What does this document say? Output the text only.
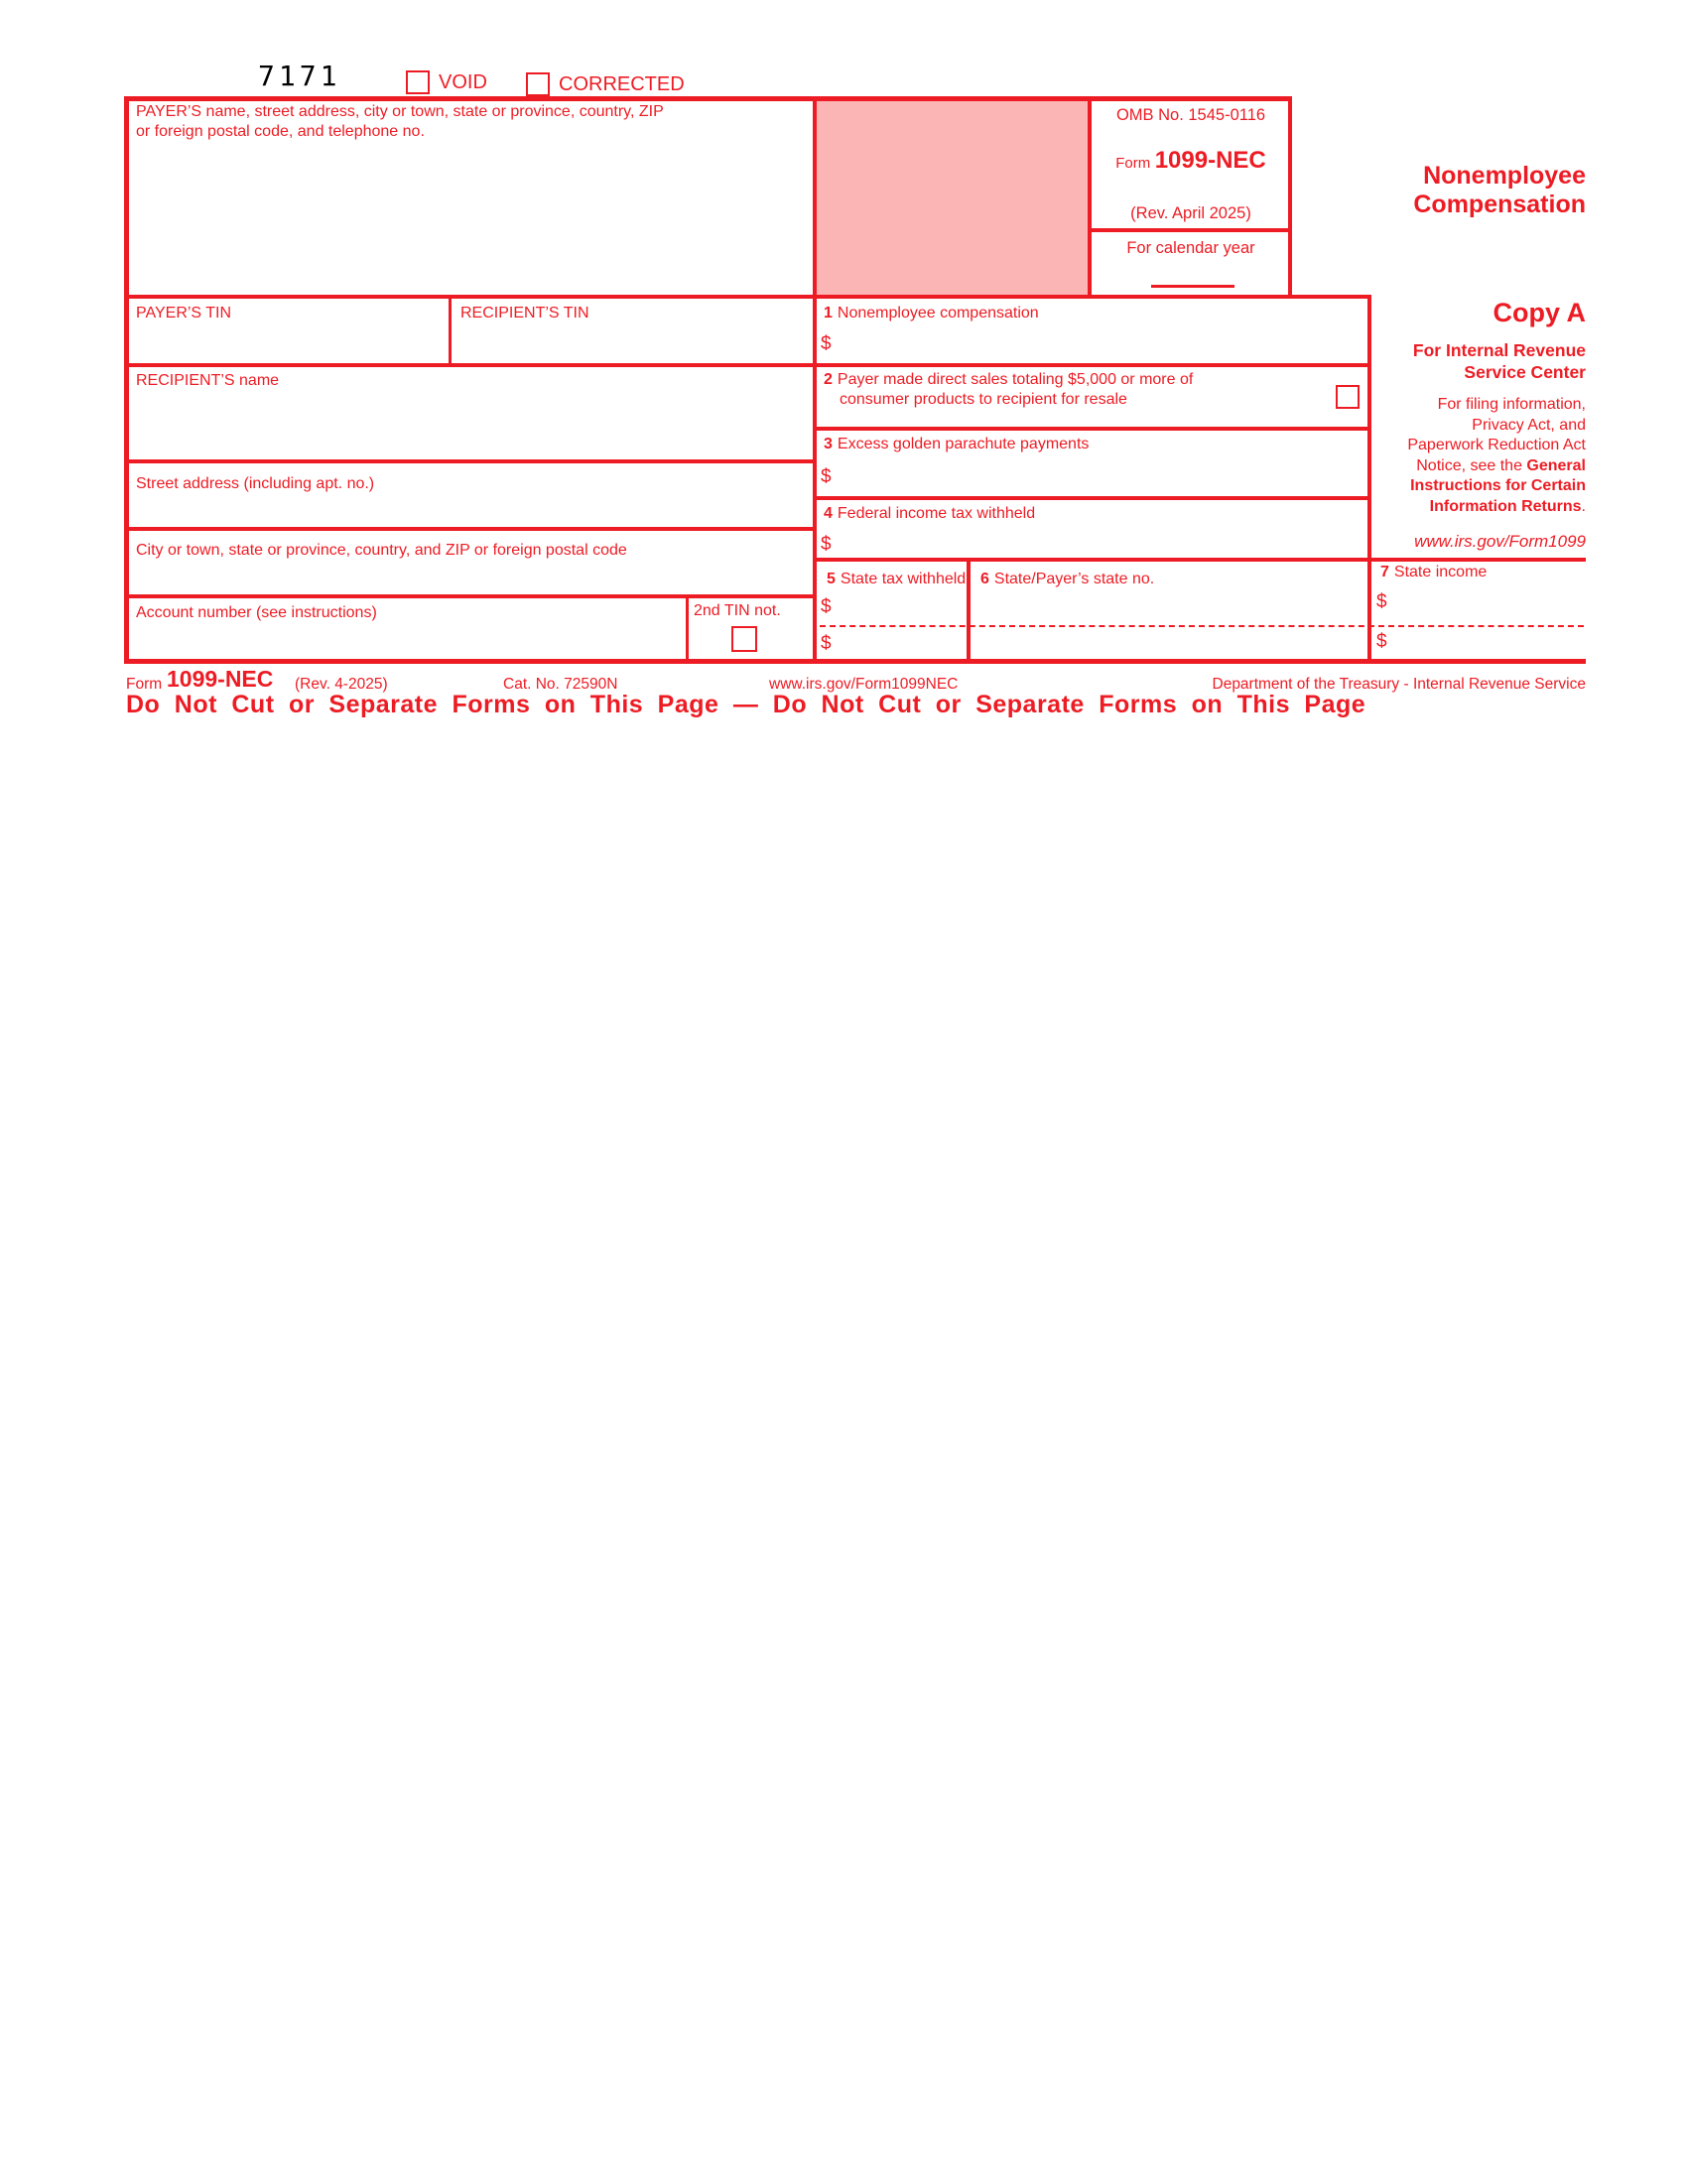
7171	VOID	CORRECTED
PAYER’S name, street address, city or town, state or province, country, ZIP
or foreign postal code, and telephone no.
OMB No. 1545-0116
Form 1099-NEC
(Rev. April 2025)
For calendar year
Nonemployee
Compensation
PAYER’S TIN	RECIPIENT’S TIN	1 Nonemployee compensation
$
RECIPIENT’S name	2 Payer made direct sales totaling $5,000 or more of
consumer products to recipient for resale
3 Excess golden parachute payments
$
Street address (including apt. no.)
4 Federal income tax withheld
$
City or town, state or province, country, and ZIP or foreign postal code
5 State tax withheld 6 State/Payer’s state no.
$
$
Account number (see instructions)	2nd TIN not.
Copy A
For Internal Revenue
Service Center
For filing information,
Privacy Act, and
Paperwork Reduction Act
Notice, see the General
Instructions for Certain
Information Returns.
www.irs.gov/Form1099
7 State income
$
$
Form 1099-NEC (Rev. 4-2025)	Cat. No. 72590N	www.irs.gov/Form1099NEC	Department of the Treasury - Internal Revenue Service
Do Not Cut or Separate Forms on This Page — Do Not Cut or Separate Forms on This Page
